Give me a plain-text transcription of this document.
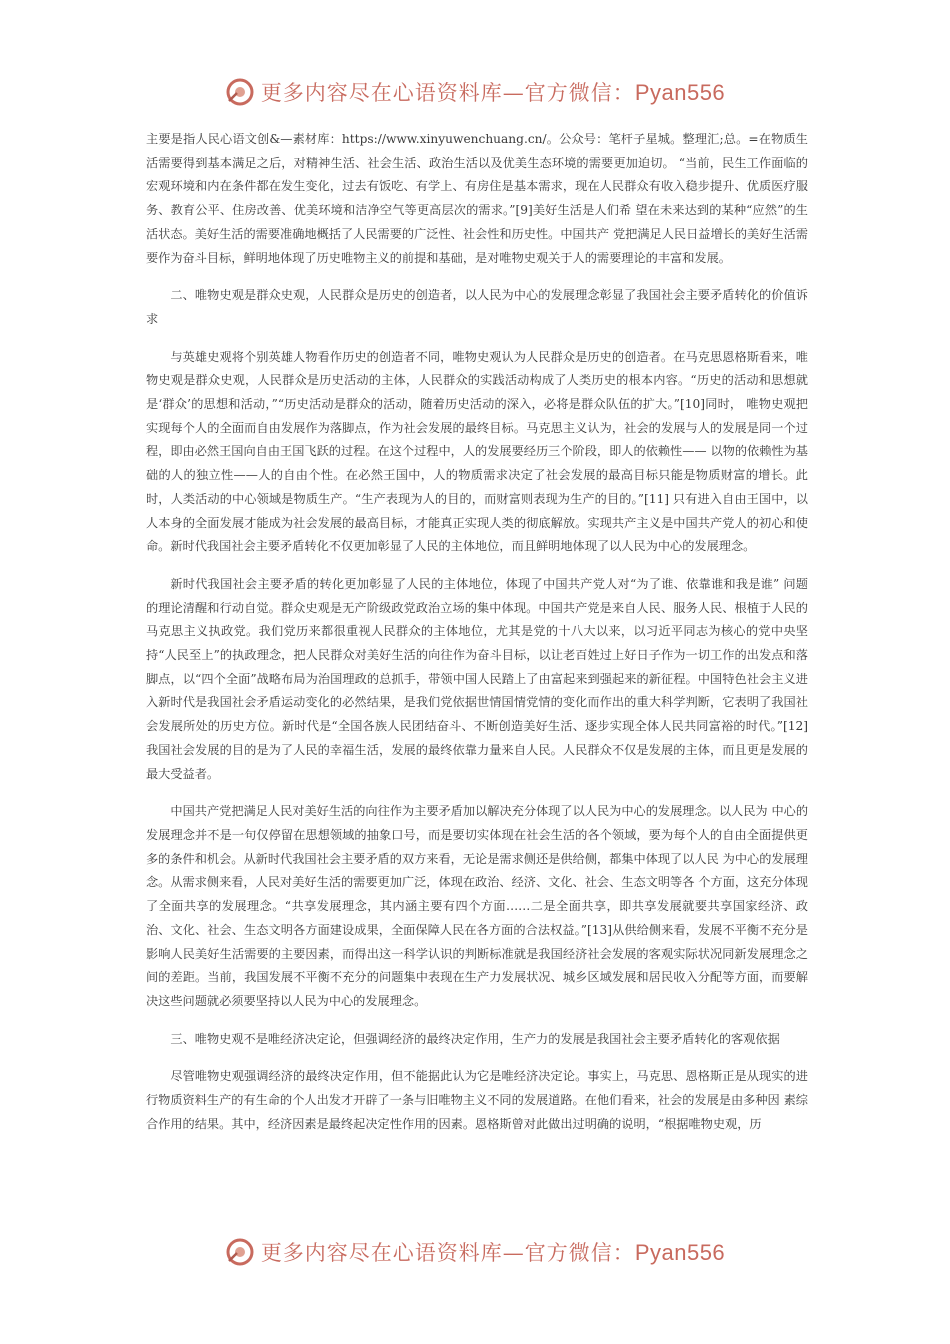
更多内容尽在心语资料库—官方微信：Pyan556

主要是指人民心语文创&—素材库：https://www.xinyuwenchuang.cn/。公众号：笔杆子星城。整理汇;总。=在物质生活需要得到基本满足之后，对精神生活、社会生活、政治生活以及优美生态环境的需要更加迫切。 “当前，民生工作面临的宏观环境和内在条件都在发生变化，过去有饭吃、有学上、有房住是基本需求，现在人民群众有收入稳步提升、优质医疗服务、教育公平、住房改善、优美环境和洁净空气等更高层次的需求。”[9]美好生活是人们希 望在未来达到的某种“应然”的生活状态。美好生活的需要准确地概括了人民需要的广泛性、社会性和历史性。中国共产 党把满足人民日益增长的美好生活需要作为奋斗目标，鲜明地体现了历史唯物主义的前提和基础，是对唯物史观关于人的需要理论的丰富和发展。

二、唯物史观是群众史观，人民群众是历史的创造者，以人民为中心的发展理念彰显了我国社会主要矛盾转化的价值诉求

与英雄史观将个别英雄人物看作历史的创造者不同，唯物史观认为人民群众是历史的创造者。在马克思恩格斯看来，唯物史观是群众史观，人民群众是历史活动的主体，人民群众的实践活动构成了人类历史的根本内容。“历史的活动和思想就是‘群众’的思想和活动，”“历史活动是群众的活动，随着历史活动的深入，必将是群众队伍的扩大。”[10]同时， 唯物史观把实现每个人的全面而自由发展作为落脚点，作为社会发展的最终目标。马克思主义认为，社会的发展与人的发展是同一个过程，即由必然王国向自由王国飞跃的过程。在这个过程中，人的发展要经历三个阶段，即人的依赖性—— 以物的依赖性为基础的人的独立性——人的自由个性。在必然王国中，人的物质需求决定了社会发展的最高目标只能是物质财富的增长。此时，人类活动的中心领域是物质生产。“生产表现为人的目的，而财富则表现为生产的目的。”[11] 只有进入自由王国中，以人本身的全面发展才能成为社会发展的最高目标，才能真正实现人类的彻底解放。实现共产主义是中国共产党人的初心和使命。新时代我国社会主要矛盾转化不仅更加彰显了人民的主体地位，而且鲜明地体现了以人民为中心的发展理念。

新时代我国社会主要矛盾的转化更加彰显了人民的主体地位，体现了中国共产党人对“为了谁、依靠谁和我是谁” 问题的理论清醒和行动自觉。群众史观是无产阶级政党政治立场的集中体现。中国共产党是来自人民、服务人民、根植于人民的马克思主义执政党。我们党历来都很重视人民群众的主体地位，尤其是党的十八大以来，以习近平同志为核心的党中央坚持“人民至上”的执政理念，把人民群众对美好生活的向往作为奋斗目标，以让老百姓过上好日子作为一切工作的出发点和落脚点，以“四个全面”战略布局为治国理政的总抓手，带领中国人民踏上了由富起来到强起来的新征程。中国特色社会主义进入新时代是我国社会矛盾运动变化的必然结果，是我们党依据世情国情党情的变化而作出的重大科学判断，它表明了我国社会发展所处的历史方位。新时代是“全国各族人民团结奋斗、不断创造美好生活、逐步实现全体人民共同富裕的时代。”[12]我国社会发展的目的是为了人民的幸福生活，发展的最终依靠力量来自人民。人民群众不仅是发展的主体，而且更是发展的最大受益者。

中国共产党把满足人民对美好生活的向往作为主要矛盾加以解决充分体现了以人民为中心的发展理念。以人民为 中心的发展理念并不是一句仅停留在思想领域的抽象口号，而是要切实体现在社会生活的各个领域，要为每个人的自由全面提供更多的条件和机会。从新时代我国社会主要矛盾的双方来看，无论是需求侧还是供给侧，都集中体现了以人民 为中心的发展理念。从需求侧来看，人民对美好生活的需要更加广泛，体现在政治、经济、文化、社会、生态文明等各 个方面，这充分体现了全面共享的发展理念。“共享发展理念，其内涵主要有四个方面……二是全面共享，即共享发展就要共享国家经济、政治、文化、社会、生态文明各方面建设成果，全面保障人民在各方面的合法权益。”[13]从供给侧来看，发展不平衡不充分是影响人民美好生活需要的主要因素，而得出这一科学认识的判断标准就是我国经济社会发展的客观实际状况同新发展理念之间的差距。当前，我国发展不平衡不充分的问题集中表现在生产力发展状况、城乡区域发展和居民收入分配等方面，而要解决这些问题就必须要坚持以人民为中心的发展理念。

三、唯物史观不是唯经济决定论，但强调经济的最终决定作用，生产力的发展是我国社会主要矛盾转化的客观依据

尽管唯物史观强调经济的最终决定作用，但不能据此认为它是唯经济决定论。事实上，马克思、恩格斯正是从现实的进 行物质资料生产的有生命的个人出发才开辟了一条与旧唯物主义不同的发展道路。在他们看来，社会的发展是由多种因 素综合作用的结果。其中，经济因素是最终起决定性作用的因素。恩格斯曾对此做出过明确的说明，“根据唯物史观，历

更多内容尽在心语资料库—官方微信：Pyan556
